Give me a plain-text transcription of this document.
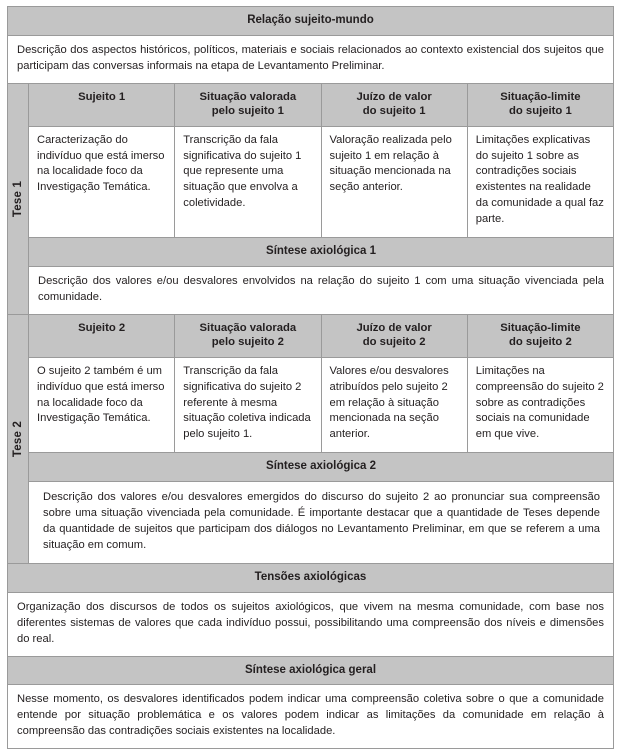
Relação sujeito-mundo
Descrição dos aspectos históricos, políticos, materiais e sociais relacionados ao contexto existencial dos sujeitos que participam das conversas informais na etapa de Levantamento Preliminar.
Tese 1
Sujeito 1	Situação valorada
pelo sujeito 1
Juízo de valor
do sujeito 1
Situação-limite
do sujeito 1
Caracterização do indivíduo que está imerso na localidade foco da Investigação Temática.
Transcrição da fala significativa do sujeito 1 que represente uma situação que envolva a coletividade.
Valoração realizada pelo sujeito 1 em relação à situação mencionada na seção anterior.
Limitações explicativas do sujeito 1 sobre as contradições sociais existentes na realidade da comunidade a qual faz parte.
Síntese axiológica 1
Descrição dos valores e/ou desvalores envolvidos na relação do sujeito 1 com uma situação vivenciada pela comunidade.
Tese 2
Sujeito 2	Situação valorada
pelo sujeito 2
Juízo de valor
do sujeito 2
Situação-limite
do sujeito 2
O sujeito 2 também é um indivíduo que está imerso na localidade foco da Investigação Temática.
Transcrição da fala significativa do sujeito 2 referente à mesma situação coletiva indicada pelo sujeito 1.
Valores e/ou desvalores atribuídos pelo sujeito 2 em relação à situação mencionada na seção anterior.
Limitações na compreensão do sujeito 2 sobre as contradições sociais na comunidade em que vive.
Síntese axiológica 2
Descrição dos valores e/ou desvalores emergidos do discurso do sujeito 2 ao pronunciar sua compreensão sobre uma situação vivenciada pela comunidade. É importante destacar que a quantidade de Teses depende da quantidade de sujeitos que participam dos diálogos no Levantamento Preliminar, em que se referem a uma situação em comum.
Tensões axiológicas
Organização dos discursos de todos os sujeitos axiológicos, que vivem na mesma comunidade, com base nos diferentes sistemas de valores que cada indivíduo possui, possibilitando uma compreensão dos níveis e dimensões do real.
Síntese axiológica geral
Nesse momento, os desvalores identificados podem indicar uma compreensão coletiva sobre o que a comunidade entende por situação problemática e os valores podem indicar as limitações da comunidade em relação à compreensão das contradições sociais existentes na localidade.
